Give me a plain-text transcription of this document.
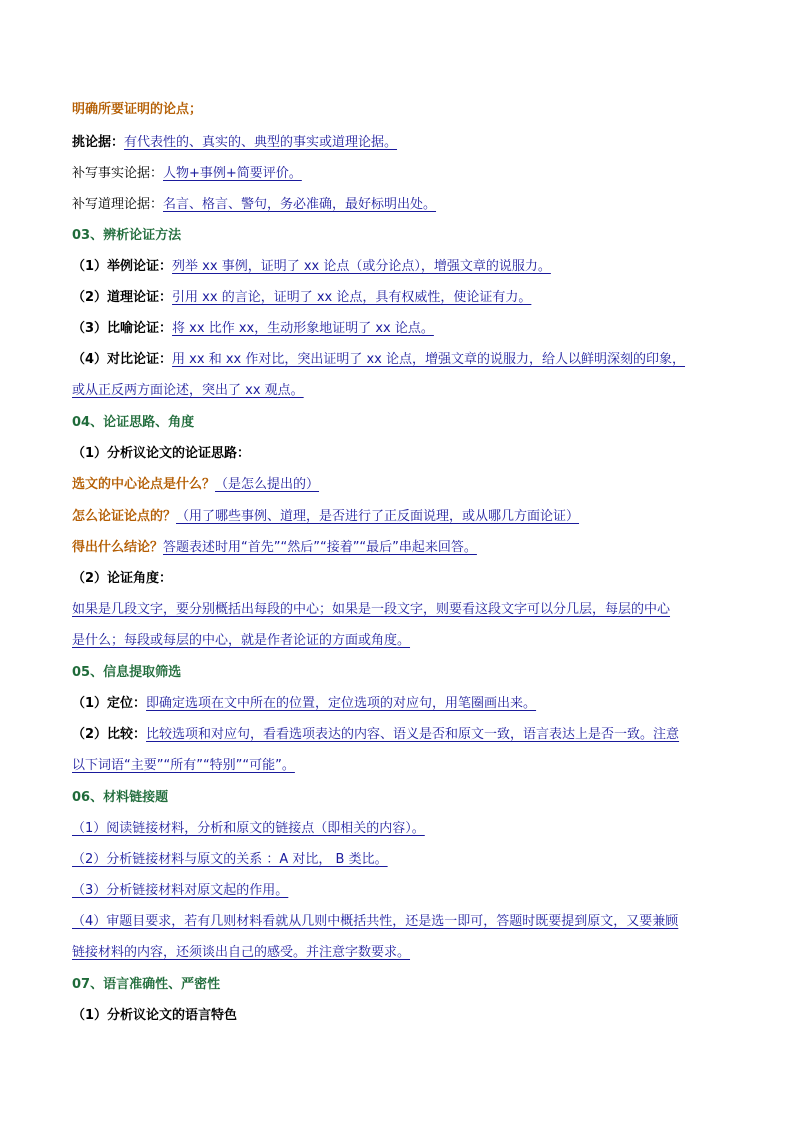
明确所要证明的论点；
挑论据：有代表性的、真实的、典型的事实或道理论据。
补写事实论据：人物+事例+简要评价。
补写道理论据：名言、格言、警句，务必准确，最好标明出处。
03、辨析论证方法
（1）举例论证：列举 xx 事例，证明了 xx 论点（或分论点），增强文章的说服力。
（2）道理论证：引用 xx 的言论，证明了 xx 论点，具有权威性，使论证有力。
（3）比喻论证：将 xx 比作 xx，生动形象地证明了 xx 论点。
（4）对比论证：用 xx 和 xx 作对比，突出证明了 xx 论点，增强文章的说服力，给人以鲜明深刻的印象，
或从正反两方面论述，突出了 xx 观点。
04、论证思路、角度
（1）分析议论文的论证思路：
选文的中心论点是什么？（是怎么提出的）
怎么论证论点的？（用了哪些事例、道理，是否进行了正反面说理，或从哪几方面论证）
得出什么结论？答题表述时用“首先”“然后”“接着”“最后”串起来回答。
（2）论证角度：
如果是几段文字，要分别概括出每段的中心；如果是一段文字，则要看这段文字可以分几层，每层的中心
是什么；每段或每层的中心，就是作者论证的方面或角度。
05、信息提取筛选
（1）定位：即确定选项在文中所在的位置，定位选项的对应句，用笔圈画出来。
（2）比较：比较选项和对应句，看看选项表达的内容、语义是否和原文一致，语言表达上是否一致。注意
以下词语“主要”“所有”“特别”“可能”。
06、材料链接题
（1）阅读链接材料，分析和原文的链接点（即相关的内容）。
（2）分析链接材料与原文的关系 ：A 对比， B 类比。
（3）分析链接材料对原文起的作用。
（4）审题目要求，若有几则材料看就从几则中概括共性，还是选一即可，答题时既要提到原文，又要兼顾
链接材料的内容，还须谈出自己的感受。并注意字数要求。
07、语言准确性、严密性
（1）分析议论文的语言特色
